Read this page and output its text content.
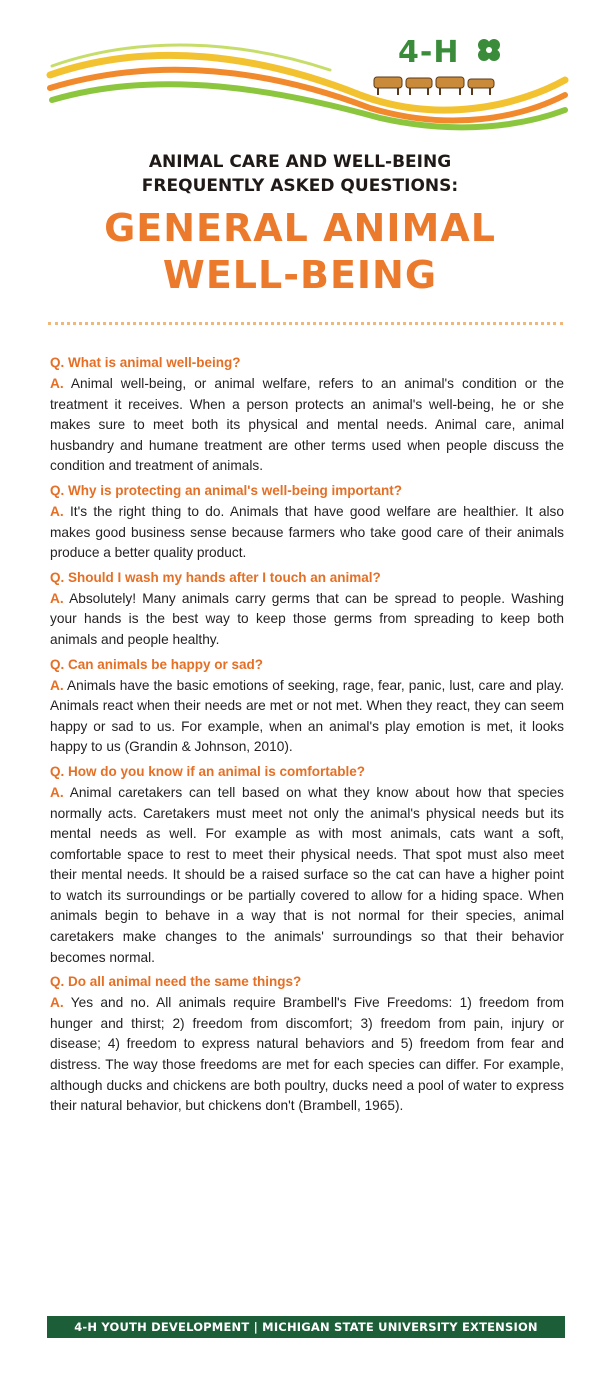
4-H
ANIMAL CARE AND WELL-BEING
FREQUENTLY ASKED QUESTIONS:
GENERAL ANIMAL
WELL-BEING

Q. What is animal well-being?

A. Animal well-being, or animal welfare, refers to an animal's condition or the treatment it receives. When a person protects an animal's well-being, he or she makes sure to meet both its physical and mental needs. Animal care, animal husbandry and humane treatment are other terms used when people discuss the condition and treatment of animals.

Q. Why is protecting an animal's well-being important?

A. It's the right thing to do. Animals that have good welfare are healthier. It also makes good business sense because farmers who take good care of their animals produce a better quality product.

Q. Should I wash my hands after I touch an animal?

A. Absolutely! Many animals carry germs that can be spread to people. Washing your hands is the best way to keep those germs from spreading to keep both animals and people healthy.

Q. Can animals be happy or sad?

A. Animals have the basic emotions of seeking, rage, fear, panic, lust, care and play. Animals react when their needs are met or not met. When they react, they can seem happy or sad to us. For example, when an animal's play emotion is met, it looks happy to us (Grandin & Johnson, 2010).

Q. How do you know if an animal is comfortable?

A. Animal caretakers can tell based on what they know about how that species normally acts. Caretakers must meet not only the animal's physical needs but its mental needs as well. For example as with most animals, cats want a soft, comfortable space to rest to meet their physical needs. That spot must also meet their mental needs. It should be a raised surface so the cat can have a higher point to watch its surroundings or be partially covered to allow for a hiding space. When animals begin to behave in a way that is not normal for their species, animal caretakers make changes to the animals' surroundings so that their behavior becomes normal.

Q. Do all animal need the same things?

A. Yes and no. All animals require Brambell's Five Freedoms: 1) freedom from hunger and thirst; 2) freedom from discomfort; 3) freedom from pain, injury or disease; 4) freedom to express natural behaviors and 5) freedom from fear and distress. The way those freedoms are met for each species can differ. For example, although ducks and chickens are both poultry, ducks need a pool of water to express their natural behavior, but chickens don't (Brambell, 1965).

4-H YOUTH DEVELOPMENT | MICHIGAN STATE UNIVERSITY EXTENSION
